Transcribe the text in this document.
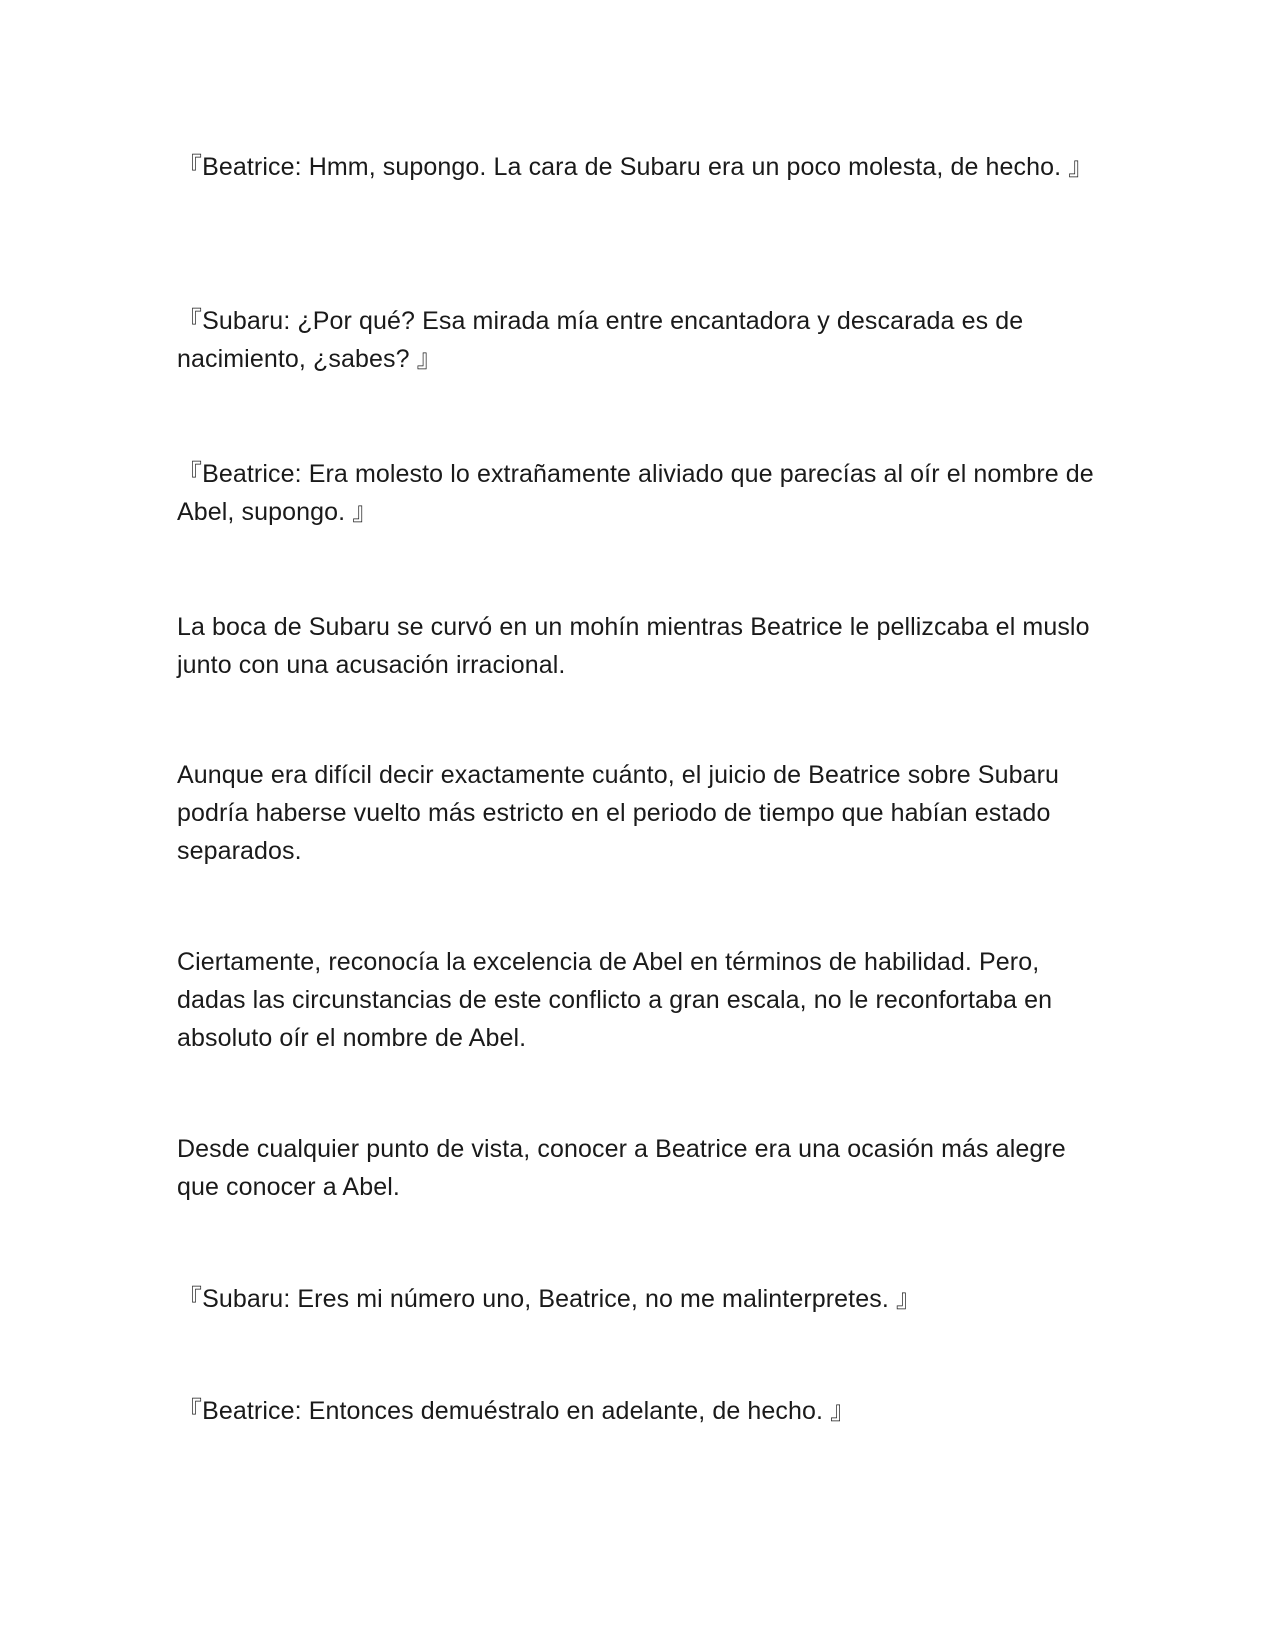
『Beatrice: Hmm, supongo. La cara de Subaru era un poco molesta, de hecho. 』

『Subaru: ¿Por qué? Esa mirada mía entre encantadora y descarada es de nacimiento, ¿sabes? 』

『Beatrice: Era molesto lo extrañamente aliviado que parecías al oír el nombre de Abel, supongo. 』

La boca de Subaru se curvó en un mohín mientras Beatrice le pellizcaba el muslo junto con una acusación irracional.

Aunque era difícil decir exactamente cuánto, el juicio de Beatrice sobre Subaru podría haberse vuelto más estricto en el periodo de tiempo que habían estado separados.

Ciertamente, reconocía la excelencia de Abel en términos de habilidad. Pero, dadas las circunstancias de este conflicto a gran escala, no le reconfortaba en absoluto oír el nombre de Abel.

Desde cualquier punto de vista, conocer a Beatrice era una ocasión más alegre que conocer a Abel.

『Subaru: Eres mi número uno, Beatrice, no me malinterpretes. 』

『Beatrice: Entonces demuéstralo en adelante, de hecho. 』
